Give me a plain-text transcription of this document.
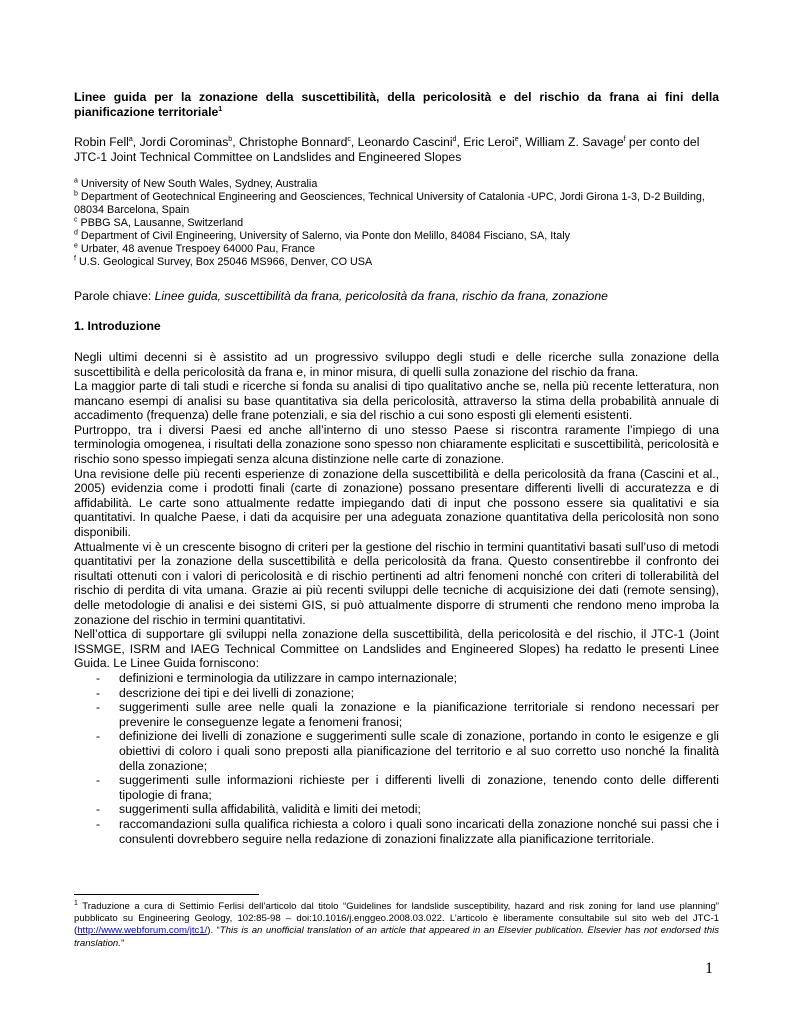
Linee guida per la zonazione della suscettibilità, della pericolosità e del rischio da frana ai fini della pianificazione territoriale$^1$

Robin Fell$^a$, Jordi Corominas$^b$, Christophe Bonnard$^c$, Leonardo Cascini$^d$, Eric Leroi$^e$, William Z. Savage$^f$ per conto del JTC-1 Joint Technical Committee on Landslides and Engineered Slopes
$^a$ University of New South Wales, Sydney, Australia
$^b$ Department of Geotechnical Engineering and Geosciences, Technical University of Catalonia -UPC, Jordi Girona 1-3, D-2 Building, 08034 Barcelona, Spain
$^c$ PBBG SA, Lausanne, Switzerland
$^d$ Department of Civil Engineering, University of Salerno, via Ponte don Melillo, 84084 Fisciano, SA, Italy
$^e$ Urbater, 48 avenue Trespoey 64000 Pau, France
$^f$ U.S. Geological Survey, Box 25046 MS966, Denver, CO USA
Parole chiave: Linee guida, suscettibilità da frana, pericolosità da frana, rischio da frana, zonazione
1. Introduzione

Negli ultimi decenni si è assistito ad un progressivo sviluppo degli studi e delle ricerche sulla zonazione della suscettibilità e della pericolosità da frana e, in minor misura, di quelli sulla zonazione del rischio da frana.

La maggior parte di tali studi e ricerche si fonda su analisi di tipo qualitativo anche se, nella più recente letteratura, non mancano esempi di analisi su base quantitativa sia della pericolosità, attraverso la stima della probabilità annuale di accadimento (frequenza) delle frane potenziali, e sia del rischio a cui sono esposti gli elementi esistenti.

Purtroppo, tra i diversi Paesi ed anche all’interno di uno stesso Paese si riscontra raramente l’impiego di una terminologia omogenea, i risultati della zonazione sono spesso non chiaramente esplicitati e suscettibilità, pericolosità e rischio sono spesso impiegati senza alcuna distinzione nelle carte di zonazione.

Una revisione delle più recenti esperienze di zonazione della suscettibilità e della pericolosità da frana (Cascini et al., 2005) evidenzia come i prodotti finali (carte di zonazione) possano presentare differenti livelli di accuratezza e di affidabilità. Le carte sono attualmente redatte impiegando dati di input che possono essere sia qualitativi e sia quantitativi. In qualche Paese, i dati da acquisire per una adeguata zonazione quantitativa della pericolosità non sono disponibili.

Attualmente vi è un crescente bisogno di criteri per la gestione del rischio in termini quantitativi basati sull’uso di metodi quantitativi per la zonazione della suscettibilità e della pericolosità da frana. Questo consentirebbe il confronto dei risultati ottenuti con i valori di pericolosità e di rischio pertinenti ad altri fenomeni nonché con criteri di tollerabilità del rischio di perdita di vita umana. Grazie ai più recenti sviluppi delle tecniche di acquisizione dei dati (remote sensing), delle metodologie di analisi e dei sistemi GIS, si può attualmente disporre di strumenti che rendono meno improba la zonazione del rischio in termini quantitativi.

Nell’ottica di supportare gli sviluppi nella zonazione della suscettibilità, della pericolosità e del rischio, il JTC-1 (Joint ISSMGE, ISRM and IAEG Technical Committee on Landslides and Engineered Slopes) ha redatto le presenti Linee Guida. Le Linee Guida forniscono:

- definizioni e terminologia da utilizzare in campo internazionale;
- descrizione dei tipi e dei livelli di zonazione;
- suggerimenti sulle aree nelle quali la zonazione e la pianificazione territoriale si rendono necessari per prevenire le conseguenze legate a fenomeni franosi;
- definizione dei livelli di zonazione e suggerimenti sulle scale di zonazione, portando in conto le esigenze e gli obiettivi di coloro i quali sono preposti alla pianificazione del territorio e al suo corretto uso nonché la finalità della zonazione;
- suggerimenti sulle informazioni richieste per i differenti livelli di zonazione, tenendo conto delle differenti tipologie di frana;
- suggerimenti sulla affidabilità, validità e limiti dei metodi;
- raccomandazioni sulla qualifica richiesta a coloro i quali sono incaricati della zonazione nonché sui passi che i consulenti dovrebbero seguire nella redazione di zonazioni finalizzate alla pianificazione territoriale.
$^1$ Traduzione a cura di Settimio Ferlisi dell’articolo dal titolo “Guidelines for landslide susceptibility, hazard and risk zoning for land use planning” pubblicato su Engineering Geology, 102:85-98 – doi:10.1016/j.enggeo.2008.03.022. L’articolo è liberamente consultabile sul sito web del JTC-1 (http://www.webforum.com/jtc1/). “This is an unofficial translation of an article that appeared in an Elsevier publication. Elsevier has not endorsed this translation.”
1
